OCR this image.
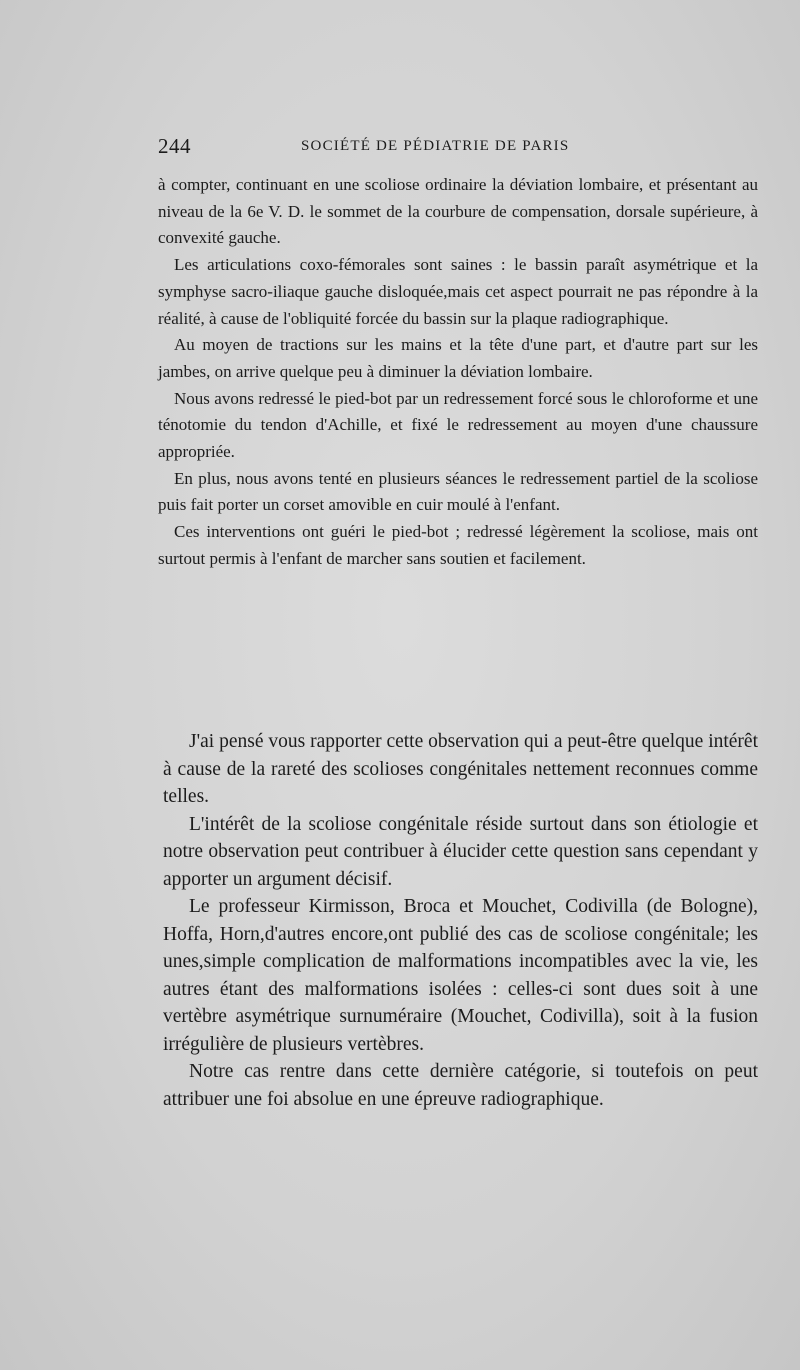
244	SOCIÉTÉ DE PÉDIATRIE DE PARIS

à compter, continuant en une scoliose ordinaire la déviation lombaire, et présentant au niveau de la 6e V. D. le sommet de la courbure de compensation, dorsale supérieure, à convexité gauche.

Les articulations coxo-fémorales sont saines : le bassin paraît asymétrique et la symphyse sacro-iliaque gauche disloquée,mais cet aspect pourrait ne pas répondre à la réalité, à cause de l'obliquité forcée du bassin sur la plaque radiographique.

Au moyen de tractions sur les mains et la tête d'une part, et d'autre part sur les jambes, on arrive quelque peu à diminuer la déviation lombaire.

Nous avons redressé le pied-bot par un redressement forcé sous le chloroforme et une ténotomie du tendon d'Achille, et fixé le redressement au moyen d'une chaussure appropriée.

En plus, nous avons tenté en plusieurs séances le redressement partiel de la scoliose puis fait porter un corset amovible en cuir moulé à l'enfant.

Ces interventions ont guéri le pied-bot ; redressé légèrement la scoliose, mais ont surtout permis à l'enfant de marcher sans soutien et facilement.

J'ai pensé vous rapporter cette observation qui a peut-être quelque intérêt à cause de la rareté des scolioses congénitales nettement reconnues comme telles.

L'intérêt de la scoliose congénitale réside surtout dans son étiologie et notre observation peut contribuer à élucider cette question sans cependant y apporter un argument décisif.

Le professeur Kirmisson, Broca et Mouchet, Codivilla (de Bologne), Hoffa, Horn,d'autres encore,ont publié des cas de scoliose congénitale; les unes,simple complication de malformations incompatibles avec la vie, les autres étant des malformations isolées : celles-ci sont dues soit à une vertèbre asymétrique surnuméraire (Mouchet, Codivilla), soit à la fusion irrégulière de plusieurs vertèbres.

Notre cas rentre dans cette dernière catégorie, si toutefois on peut attribuer une foi absolue en une épreuve radiographique.
